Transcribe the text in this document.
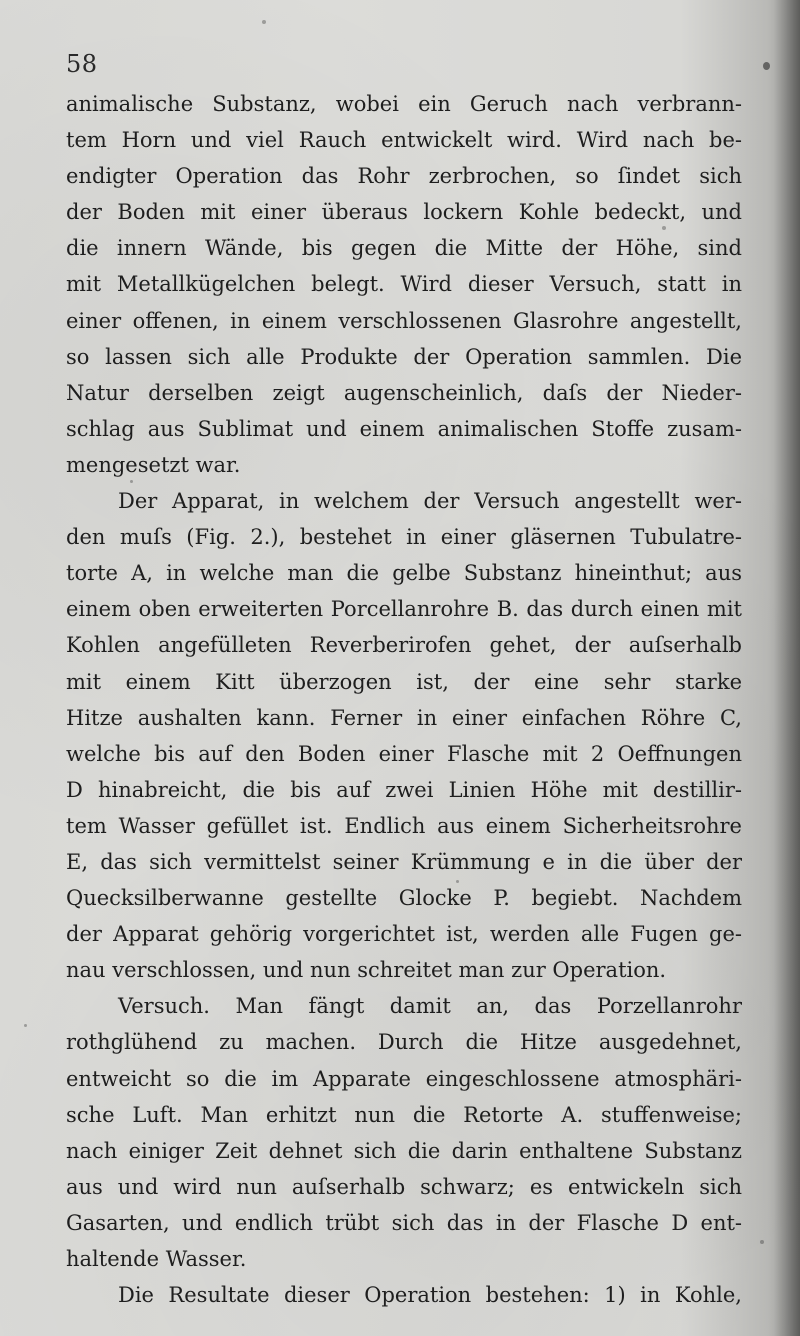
58
animalische Substanz, wobei ein Geruch nach verbrann-
tem Horn und viel Rauch entwickelt wird. Wird nach be-
endigter Operation das Rohr zerbrochen, so ſindet sich
der Boden mit einer überaus lockern Kohle bedeckt, und
die innern Wände, bis gegen die Mitte der Höhe, sind
mit Metallkügelchen belegt. Wird dieser Versuch, statt in
einer offenen, in einem verschlossenen Glasrohre angestellt,
so lassen sich alle Produkte der Operation sammlen. Die
Natur derselben zeigt augenscheinlich, daſs der Nieder-
schlag aus Sublimat und einem animalischen Stoffe zusam-
mengesetzt war.
Der Apparat, in welchem der Versuch angestellt wer-
den muſs (Fig. 2.), bestehet in einer gläsernen Tubulatre-
torte A, in welche man die gelbe Substanz hineinthut; aus
einem oben erweiterten Porcellanrohre B. das durch einen mit
Kohlen angefülleten Reverberirofen gehet, der auſserhalb
mit einem Kitt überzogen ist, der eine sehr starke
Hitze aushalten kann. Ferner in einer einfachen Röhre C,
welche bis auf den Boden einer Flasche mit 2 Oeffnungen
D hinabreicht, die bis auf zwei Linien Höhe mit destillir-
tem Wasser gefüllet ist. Endlich aus einem Sicherheitsrohre
E, das sich vermittelst seiner Krümmung e in die über der
Quecksilberwanne gestellte Glocke P. begiebt. Nachdem
der Apparat gehörig vorgerichtet ist, werden alle Fugen ge-
nau verschlossen, und nun schreitet man zur Operation.
Versuch. Man fängt damit an, das Porzellanrohr
rothglühend zu machen. Durch die Hitze ausgedehnet,
entweicht so die im Apparate eingeschlossene atmosphäri-
sche Luft. Man erhitzt nun die Retorte A. stuffenweise;
nach einiger Zeit dehnet sich die darin enthaltene Substanz
aus und wird nun auſserhalb schwarz; es entwickeln sich
Gasarten, und endlich trübt sich das in der Flasche D ent-
haltende Wasser.
Die Resultate dieser Operation bestehen: 1) in Kohle,
